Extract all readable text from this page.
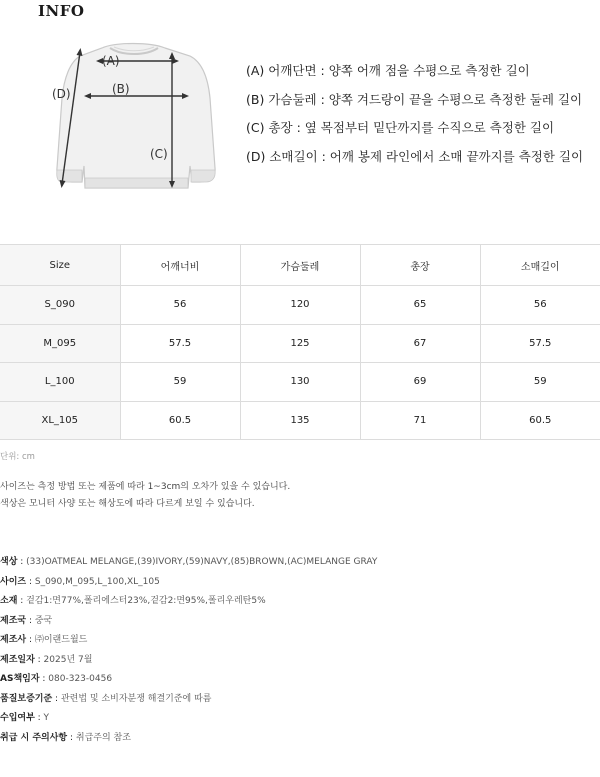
INFO
(A)
(B)
(C)
(D)
(A) 어깨단면 : 양쪽 어깨 점을 수평으로 측정한 길이
(B) 가슴둘레 : 양쪽 겨드랑이 끝을 수평으로 측정한 둘레 길이
(C) 총장 : 옆 목점부터 밑단까지를 수직으로 측정한 길이
(D) 소매길이 : 어깨 봉제 라인에서 소매 끝까지를 측정한 길이
Size	어깨너비	가슴둘레	총장	소매길이
S_090	56	120	65	56
M_095	57.5	125	67	57.5
L_100	59	130	69	59
XL_105	60.5	135	71	60.5
단위: cm
사이즈는 측정 방법 또는 제품에 따라 1~3cm의 오차가 있을 수 있습니다.
색상은 모니터 사양 또는 해상도에 따라 다르게 보일 수 있습니다.
색상 : (33)OATMEAL MELANGE,(39)IVORY,(59)NAVY,(85)BROWN,(AC)MELANGE GRAY
사이즈 : S_090,M_095,L_100,XL_105
소재 : 겉감1:면77%,폴리에스터23%,겉감2:면95%,폴리우레탄5%
제조국 : 중국
제조사 : ㈜이랜드월드
제조일자 : 2025년 7월
AS책임자 : 080-323-0456
품질보증기준 : 관련법 및 소비자분쟁 해결기준에 따름
수입여부 : Y
취급 시 주의사항 : 취급주의 참조
